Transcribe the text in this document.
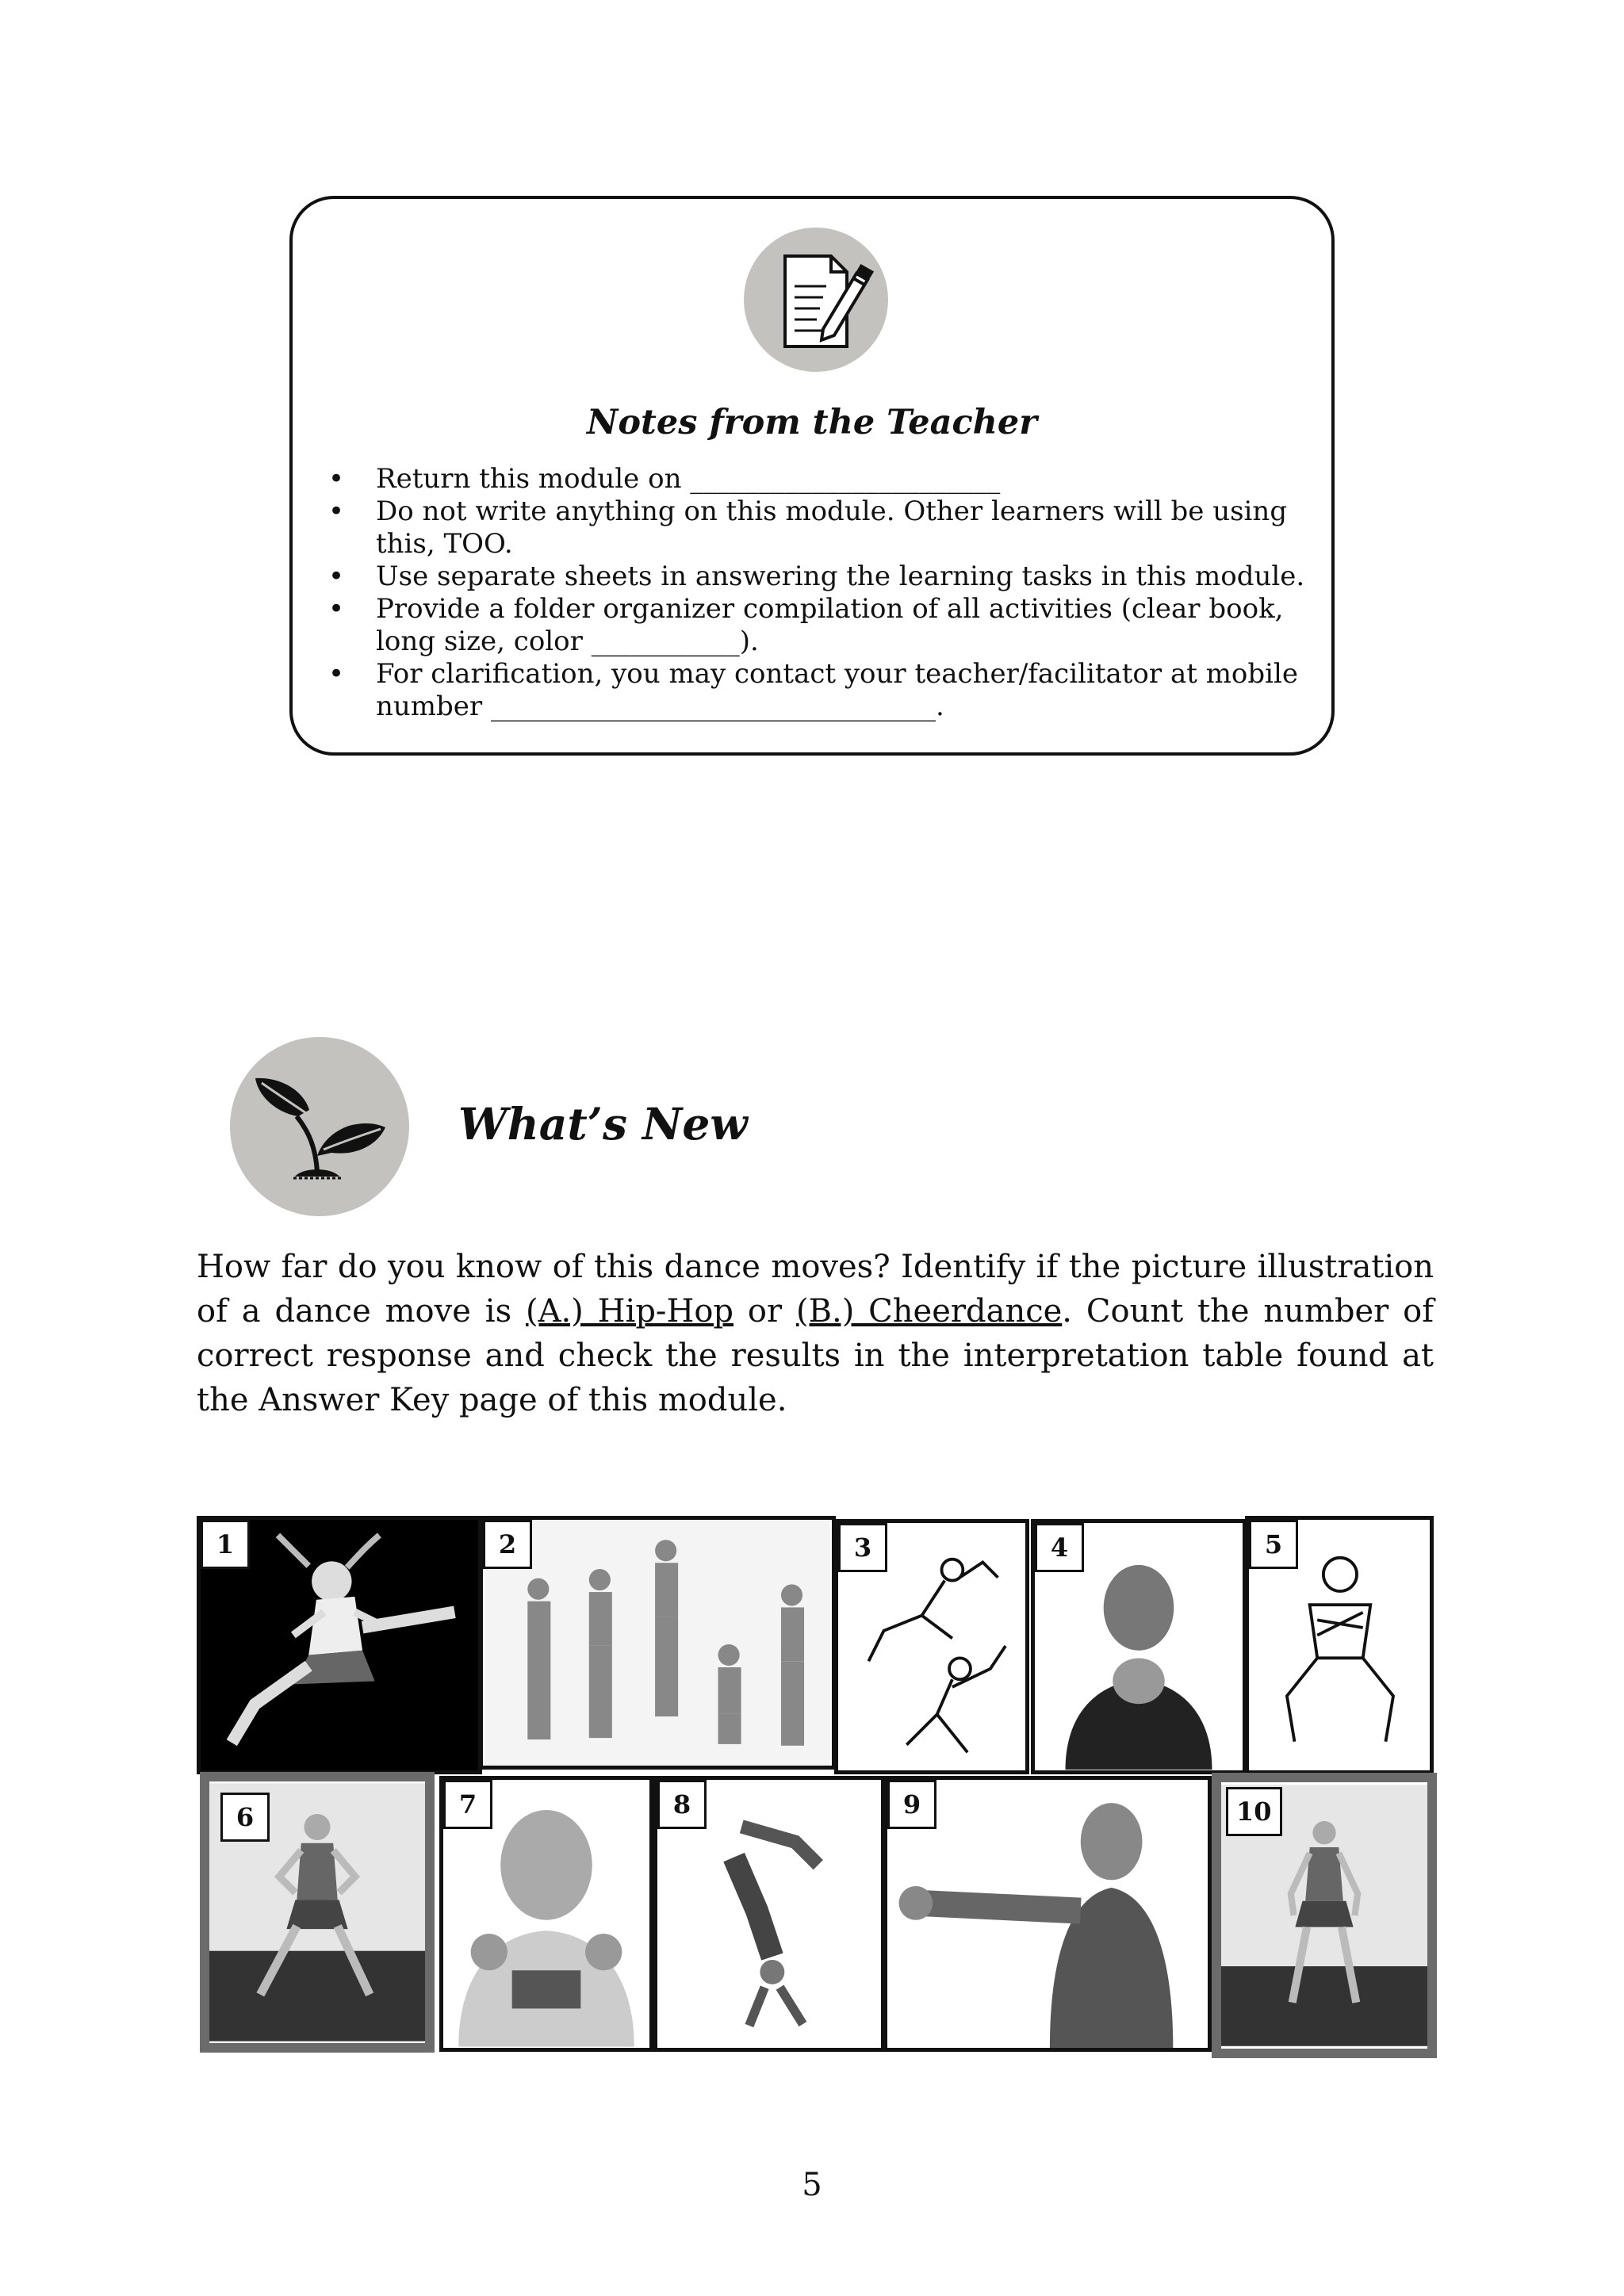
Notes from the Teacher
• Return this module on _______________________
• Do not write anything on this module. Other learners will be using this, TOO.
• Use separate sheets in answering the learning tasks in this module.
• Provide a folder organizer compilation of all activities (clear book, long size, color ___________).
• For clarification, you may contact your teacher/facilitator at mobile number _________________________________.
What’s New

How far do you know of this dance moves? Identify if the picture illustration of a dance move is (A.) Hip-Hop or (B.) Cheerdance. Count the number of correct response and check the results in the interpretation table found at the Answer Key page of this module.

1	2	3	4	5
6	7	8	9	10
5
